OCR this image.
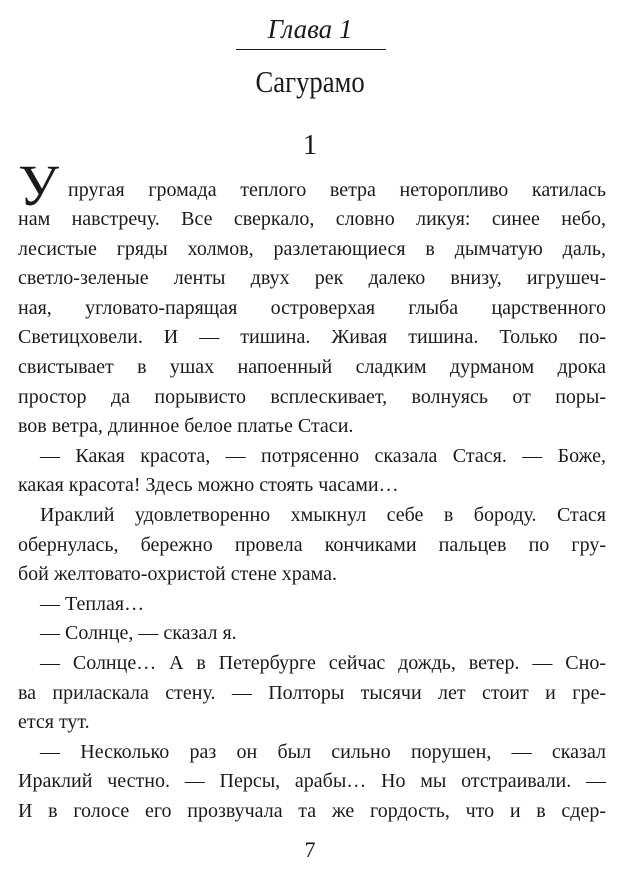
Глава 1
Сагурамо
1
У пругая громада теплого ветра неторопливо катилась
нам навстречу. Все сверкало, словно ликуя: синее небо,
лесистые гряды холмов, разлетающиеся в дымчатую даль,
светло-зеленые ленты двух рек далеко внизу, игрушеч-
ная, угловато-парящая островерхая глыба царственного
Светицховели. И — тишина. Живая тишина. Только по-
свистывает в ушах напоенный сладким дурманом дрока
простор да порывисто всплескивает, волнуясь от поры-
вов ветра, длинное белое платье Стаси.
— Какая красота, — потрясенно сказала Стася. — Боже,
какая красота! Здесь можно стоять часами…
Ираклий удовлетворенно хмыкнул себе в бороду. Стася
обернулась, бережно провела кончиками пальцев по гру-
бой желтовато-охристой стене храма.
— Теплая…
— Солнце, — сказал я.
— Солнце… А в Петербурге сейчас дождь, ветер. — Сно-
ва приласкала стену. — Полторы тысячи лет стоит и гре-
ется тут.
— Несколько раз он был сильно порушен, — сказал
Ираклий честно. — Персы, арабы… Но мы отстраивали. —
И в голосе его прозвучала та же гордость, что и в сдер-
7
